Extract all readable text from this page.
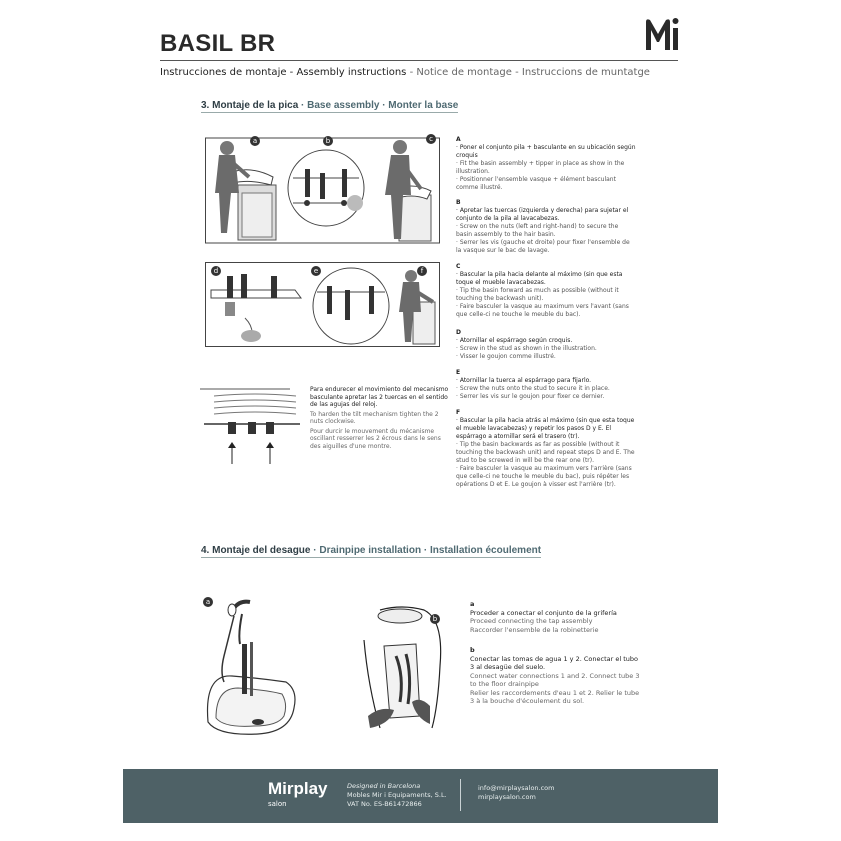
BASIL BR
Instrucciones de montaje - Assembly instructions - Notice de montage - Instruccions de muntatge
3. Montaje de la pica · Base assembly · Monter la base
a	b	c
d	e	f
Para endurecer el movimiento del mecanismo basculante apretar las 2 tuercas en el sentido de las agujas del reloj.
To harden the tilt mechanism tighten the 2 nuts clockwise.
Pour durcir le mouvement du mécanisme oscillant resserrer les 2 écrous dans le sens des aiguilles d'une montre.
A
· Poner el conjunto pila + basculante en su ubicación según croquis
· Fit the basin assembly + tipper in place as show in the illustration.
· Positionner l'ensemble vasque + élément basculant comme illustré.
B
· Apretar las tuercas (izquierda y derecha) para sujetar el conjunto de la pila al lavacabezas.
· Screw on the nuts (left and right-hand) to secure the basin assembly to the hair basin.
· Serrer les vis (gauche et droite) pour fixer l'ensemble de la vasque sur le bac de lavage.
C
· Bascular la pila hacia delante al máximo (sin que esta toque el mueble lavacabezas.
· Tip the basin forward as much as possible (without it touching the backwash unit).
· Faire basculer la vasque au maximum vers l'avant (sans que celle-ci ne touche le meuble du bac).
D
· Atornillar el espárrago según croquis.
· Screw in the stud as shown in the illustration.
· Visser le goujon comme illustré.
E
· Atornillar la tuerca al espárrago para fijarlo.
· Screw the nuts onto the stud to secure it in place.
· Serrer les vis sur le goujon pour fixer ce dernier.
F
· Bascular la pila hacia atrás al máximo (sin que esta toque el mueble lavacabezas) y repetir los pasos D y E. El espárrago a atornillar será el trasero (tr).
· Tip the basin backwards as far as possible (without it touching the backwash unit) and repeat steps D and E. The stud to be screwed in will be the rear one (tr).
· Faire basculer la vasque au maximum vers l'arrière (sans que celle-ci ne touche le meuble du bac), puis répéter les opérations D et E. Le goujon à visser est l'arrière (tr).
4. Montaje del desague · Drainpipe installation · Installation écoulement
a
b
a
Proceder a conectar el conjunto de la grifería
Proceed connecting the tap assembly
Raccorder l'ensemble de la robinetterie
b
Conectar las tomas de agua 1 y 2. Conectar el tubo 3 al desagüe del suelo.
Connect water connections 1 and 2. Connect tube 3 to the floor drainpipe
Relier les raccordements d'eau 1 et 2. Relier le tube 3 à la bouche d'écoulement du sol.
Mirplay
salon
Designed in Barcelona
Mobles Mir i Equipaments, S.L.
VAT No. ES-B61472866
info@mirplaysalon.com
mirplaysalon.com
